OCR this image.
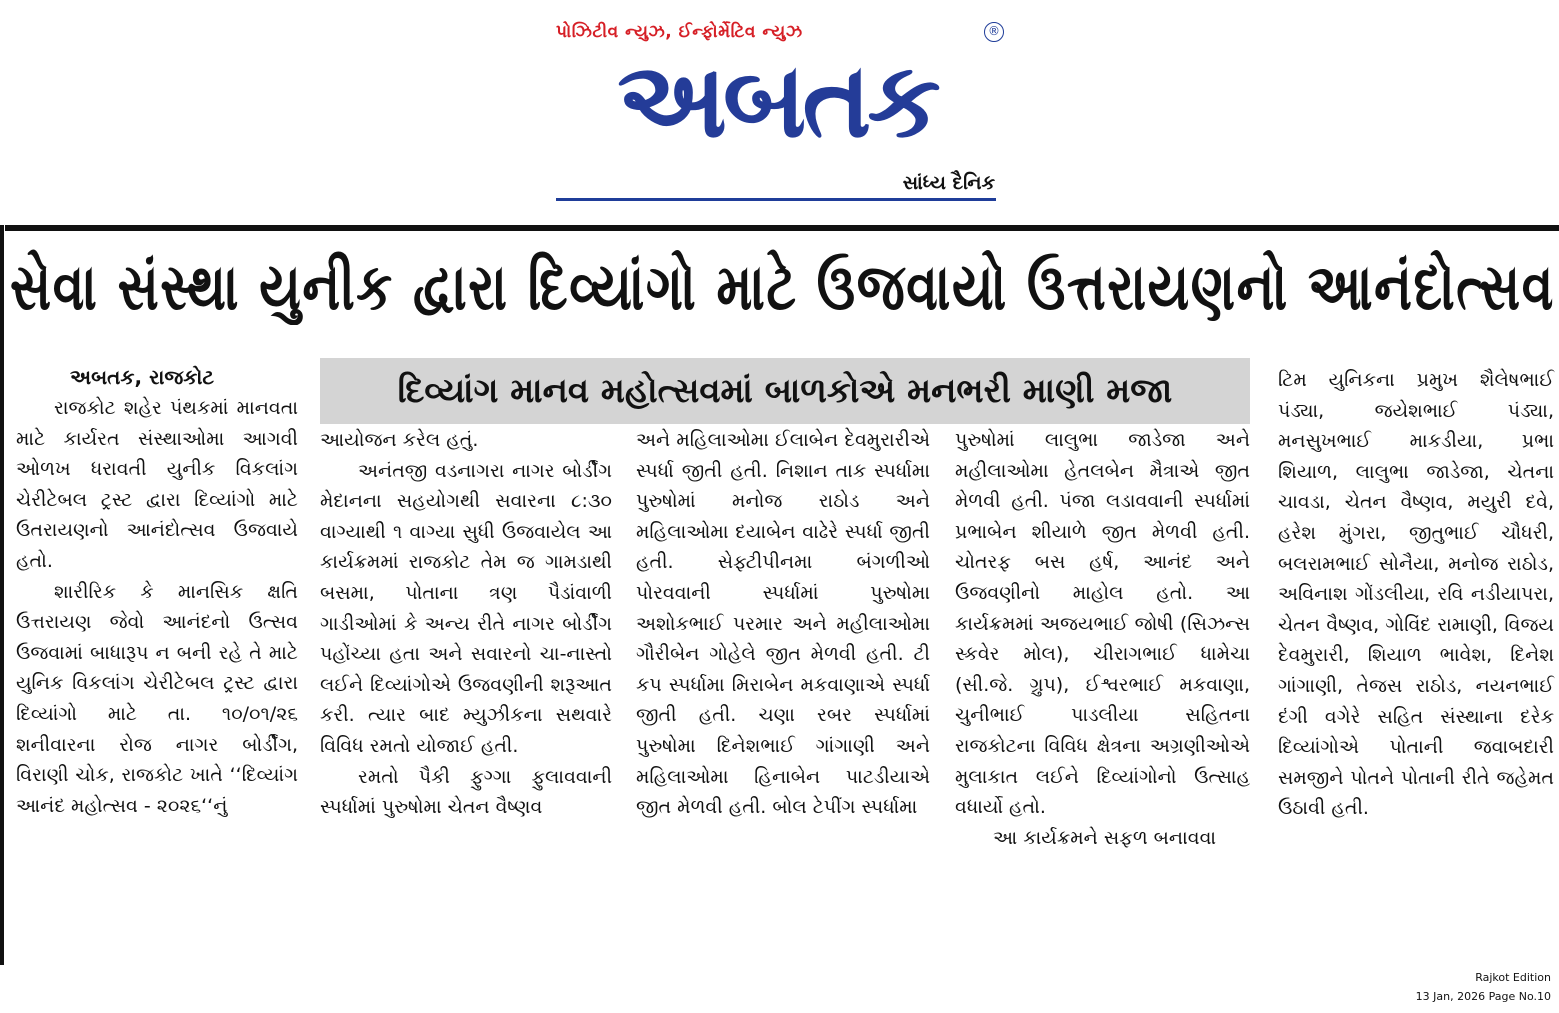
પોઝિટીવ ન્યુઝ, ઈન્ફોર્મેટિવ ન્યુઝ	®
અબતક
સાંધ્ય દૈનિક
સેવા સંસ્થા યુનીક દ્વારા દિવ્યાંગો માટે ઉજવાયો ઉત્તરાયણનો આનંદોત્સવ
અબતક, રાજકોટ	દિવ્યાંગ માનવ મહોત્સવમાં બાળકોએ મનભરી માણી મજા

રાજકોટ શહેર પંથકમાં માનવતા માટે કાર્યરત સંસ્થાઓમા આગવી ઓળખ ધરાવતી યુનીક વિકલાંગ ચેરીટેબલ ટ્રસ્ટ દ્વારા દિવ્યાંગો માટે ઉતરાયણનો આનંદોત્સવ ઉજવાયે હતો.

શારીરિક કે માનસિક ક્ષતિ ઉત્તરાયણ જેવો આનંદનો ઉત્સવ ઉજવામાં બાધારૂપ ન બની રહે તે માટે યુનિક વિકલાંગ ચેરીટેબલ ટ્રસ્ટ દ્વારા દિવ્યાંગો માટે તા. ૧૦/૦૧/૨૬ શનીવારના રોજ નાગર બોર્ડીંગ, વિરાણી ચોક, રાજકોટ ખાતે ‘‘દિવ્યાંગ આનંદ મહોત્સવ - ૨૦૨૬‘‘નું

આયોજન કરેલ હતું.

અનંતજી વડનાગરા નાગર બોર્ડીંગ મેદાનના સહયોગથી સવારના ૮:૩૦ વાગ્યાથી ૧ વાગ્યા સુધી ઉજવાયેલ આ કાર્યક્રમમાં રાજકોટ તેમ જ ગામડાથી બસમા, પોતાના ત્રણ પૈડાંવાળી ગાડીઓમાં કે અન્ય રીતે નાગર બોર્ડીંગ પહોંચ્યા હતા અને સવારનો ચા-નાસ્તો લઈને દિવ્યાંગોએ ઉજવણીની શરૂઆત કરી. ત્યાર બાદ મ્યુઝીકના સથવારે વિવિધ રમતો યોજાઈ હતી.

રમતો પૈકી ફુગ્ગા ફુલાવવાની સ્પર્ધામાં પુરુષોમા ચેતન વૈષ્ણવ

અને મહિલાઓમા ઈલાબેન દેવમુરારીએ સ્પર્ધા જીતી હતી. નિશાન તાક સ્પર્ધામા પુરુષોમાં મનોજ રાઠોડ અને મહિલાઓમા દયાબેન વાઢેરે સ્પર્ધા જીતી હતી. સેફ્ટીપીનમા બંગળીઓ પોરવવાની સ્પર્ધામાં પુરુષોમા અશોકભાઈ પરમાર અને મહીલાઓમા ગૌરીબેન ગોહેલે જીત મેળવી હતી. ટી કપ સ્પર્ધામા મિરાબેન મકવાણાએ સ્પર્ધા જીતી હતી. ચણા રબર સ્પર્ધામાં પુરુષોમા દિનેશભાઈ ગાંગાણી અને મહિલાઓમા હિનાબેન પાટડીયાએ જીત મેળવી હતી. બોલ ટેપીંગ સ્પર્ધામા

પુરુષોમાં લાલુભા જાડેજા અને મહીલાઓમા હેતલબેન મૈત્રાએ જીત મેળવી હતી. પંજા લડાવવાની સ્પર્ધામાં પ્રભાબેન શીયાળે જીત મેળવી હતી. ચોતરફ બસ હર્ષ, આનંદ અને ઉજવણીનો માહોલ હતો. આ કાર્યક્રમમાં અજયભાઈ જોષી (સિઝન્સ સ્કવેર મોલ), ચીરાગભાઈ ધામેચા (સી.જે. ગ્રુપ), ઈશ્વરભાઈ મકવાણા, ચુનીભાઈ પાડલીયા સહિતના રાજકોટના વિવિધ ક્ષેત્રના અગ્રણીઓએ મુલાકાત લઈને દિવ્યાંગોનો ઉત્સાહ વધાર્યો હતો.

આ કાર્યક્રમને સફળ બનાવવા

ટિમ યુનિકના પ્રમુખ શૈલેષભાઈ પંડ્યા, જયેશભાઈ પંડ્યા, મનસુખભાઈ માકડીયા, પ્રભા શિયાળ, લાલુભા જાડેજા, ચેતના ચાવડા, ચેતન વૈષ્ણવ, મયુરી દવે, હરેશ મુંગરા, જીતુભાઈ ચૌધરી, બલરામભાઈ સોનૈયા, મનોજ રાઠોડ, અવિનાશ ગોંડલીયા, રવિ નડીયાપરા, ચેતન વૈષ્ણવ, ગોવિંદ રામાણી, વિજય દેવમુરારી, શિયાળ ભાવેશ, દિનેશ ગાંગાણી, તેજસ રાઠોડ, નયનભાઈ દંગી વગેરે સહિત સંસ્થાના દરેક દિવ્યાંગોએ પોતાની જવાબદારી સમજીને પોતને પોતાની રીતે જહેમત ઉઠાવી હતી.

Rajkot Edition
13 Jan, 2026 Page No.10
